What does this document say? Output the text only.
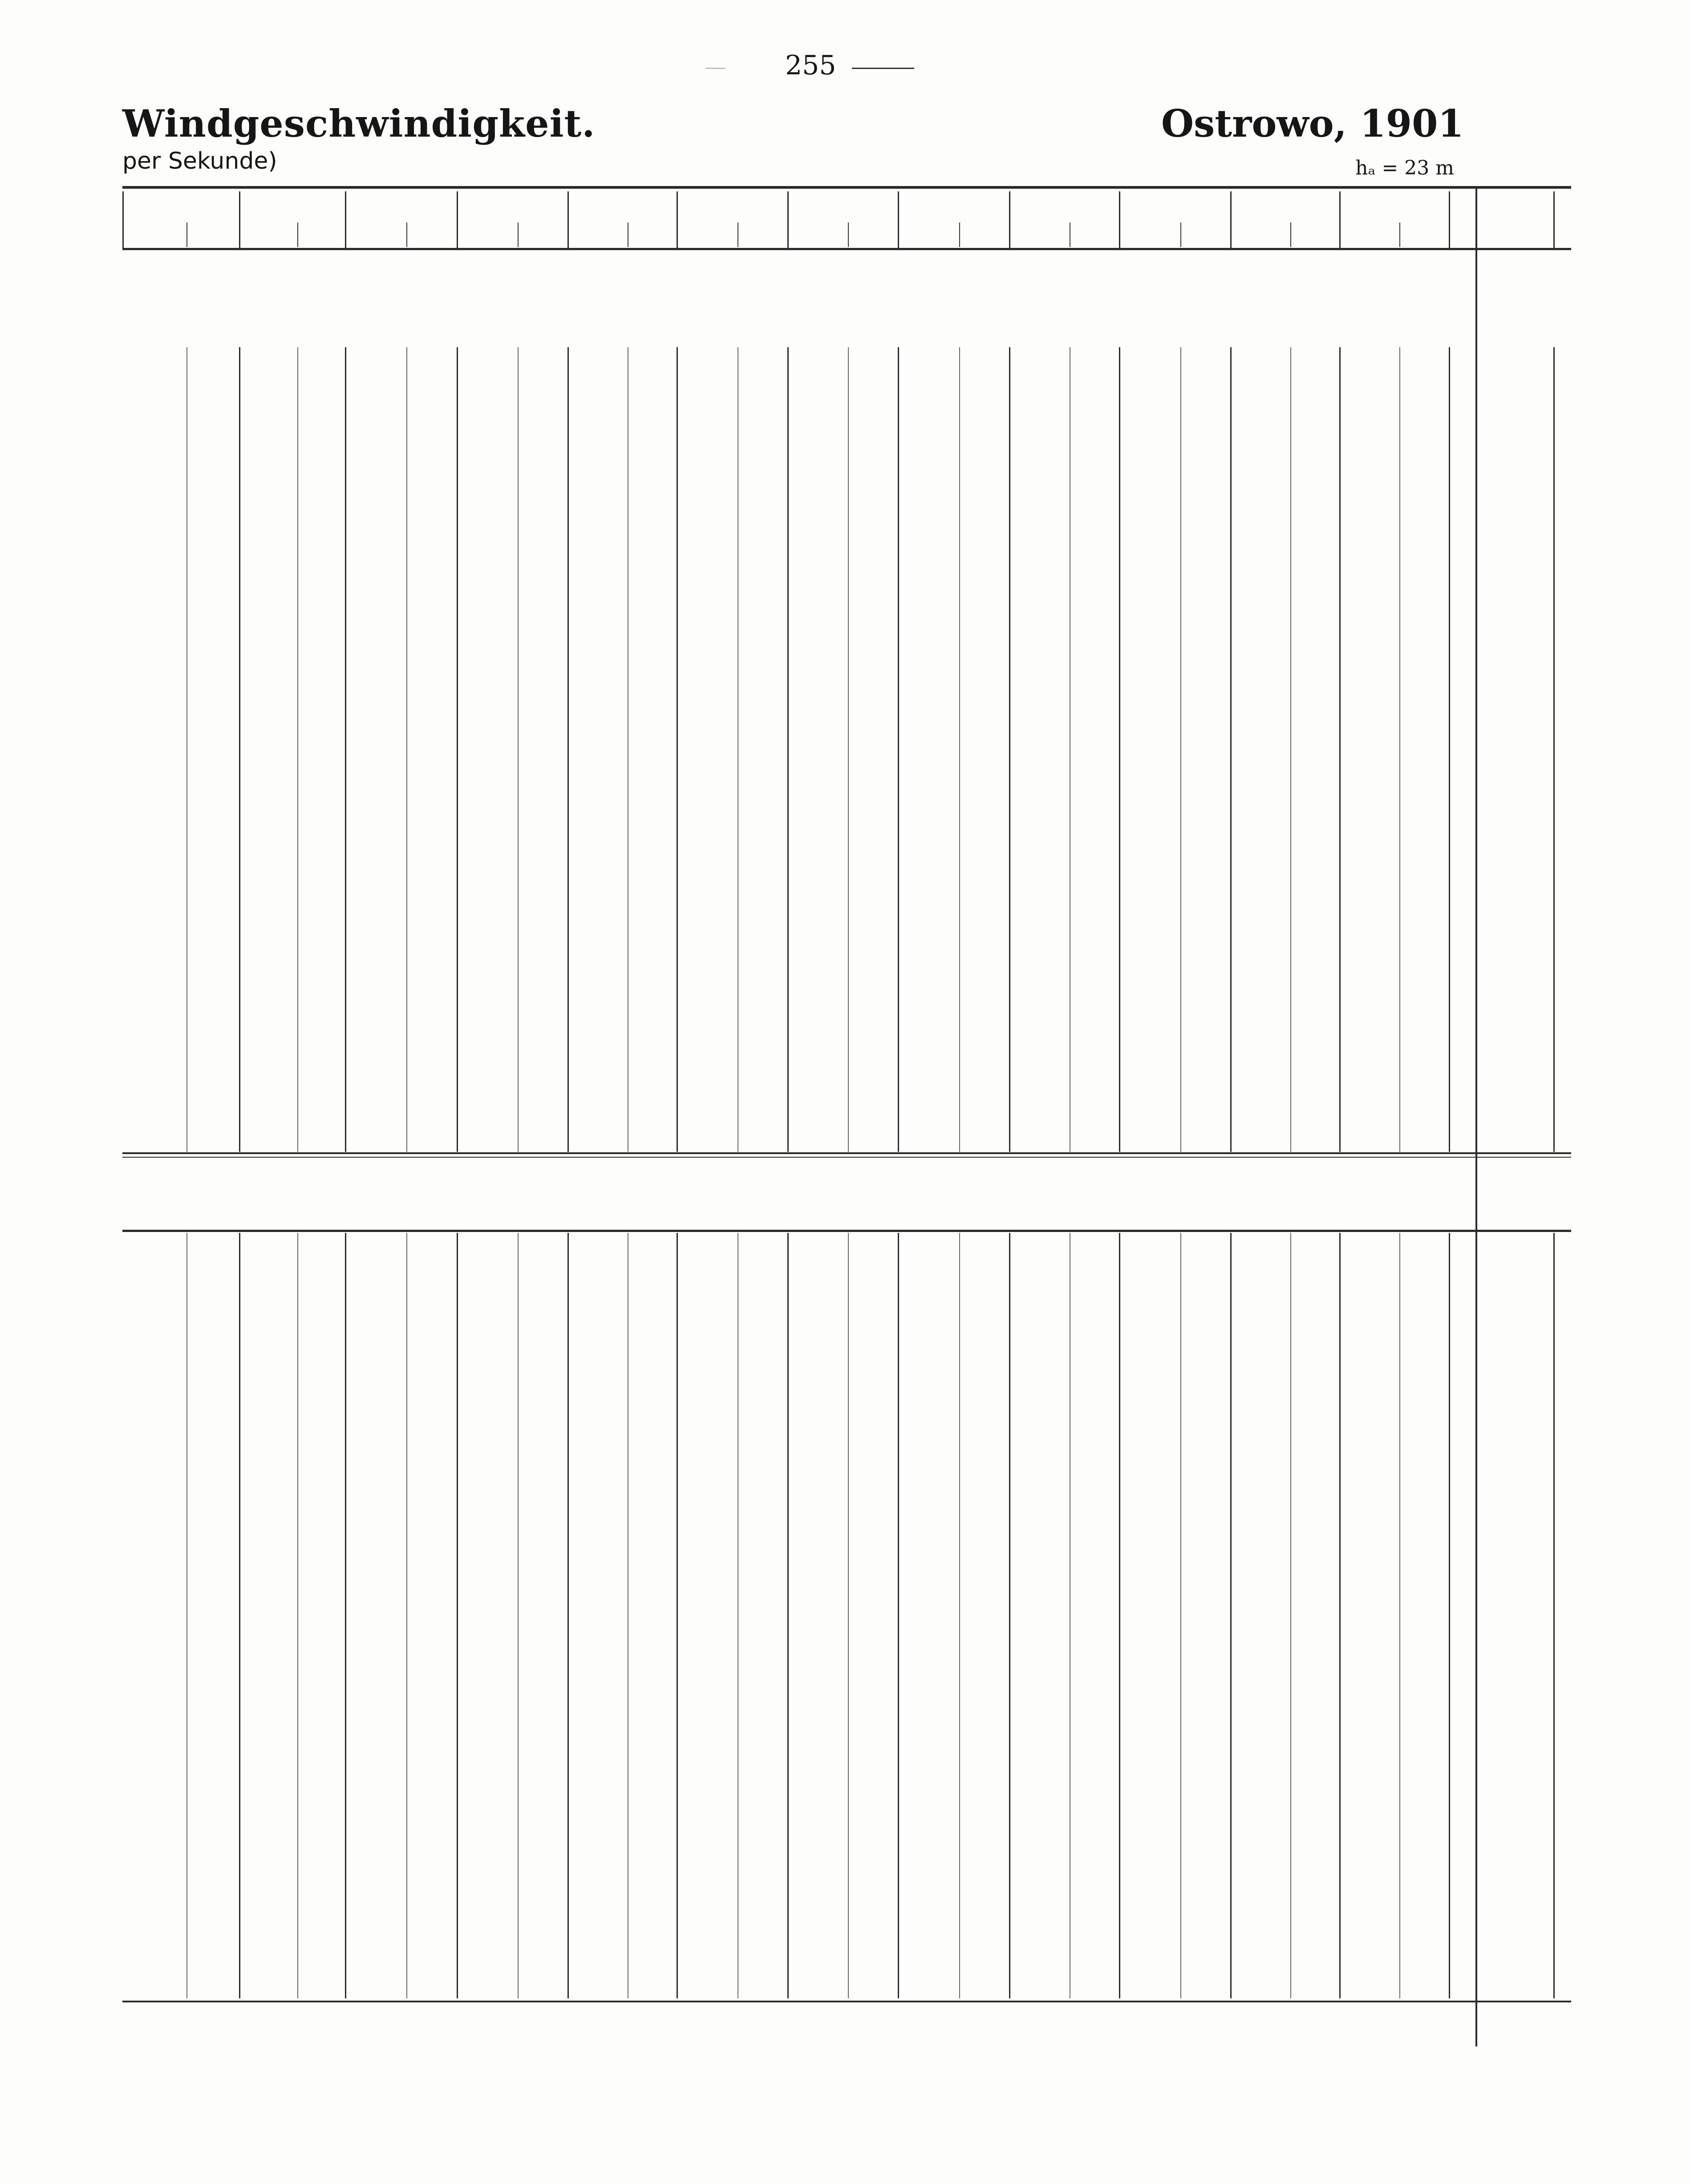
255
Windgeschwindigkeit.
per Sekunde)
Ostrowo, 1901
hₐ = 23 m
